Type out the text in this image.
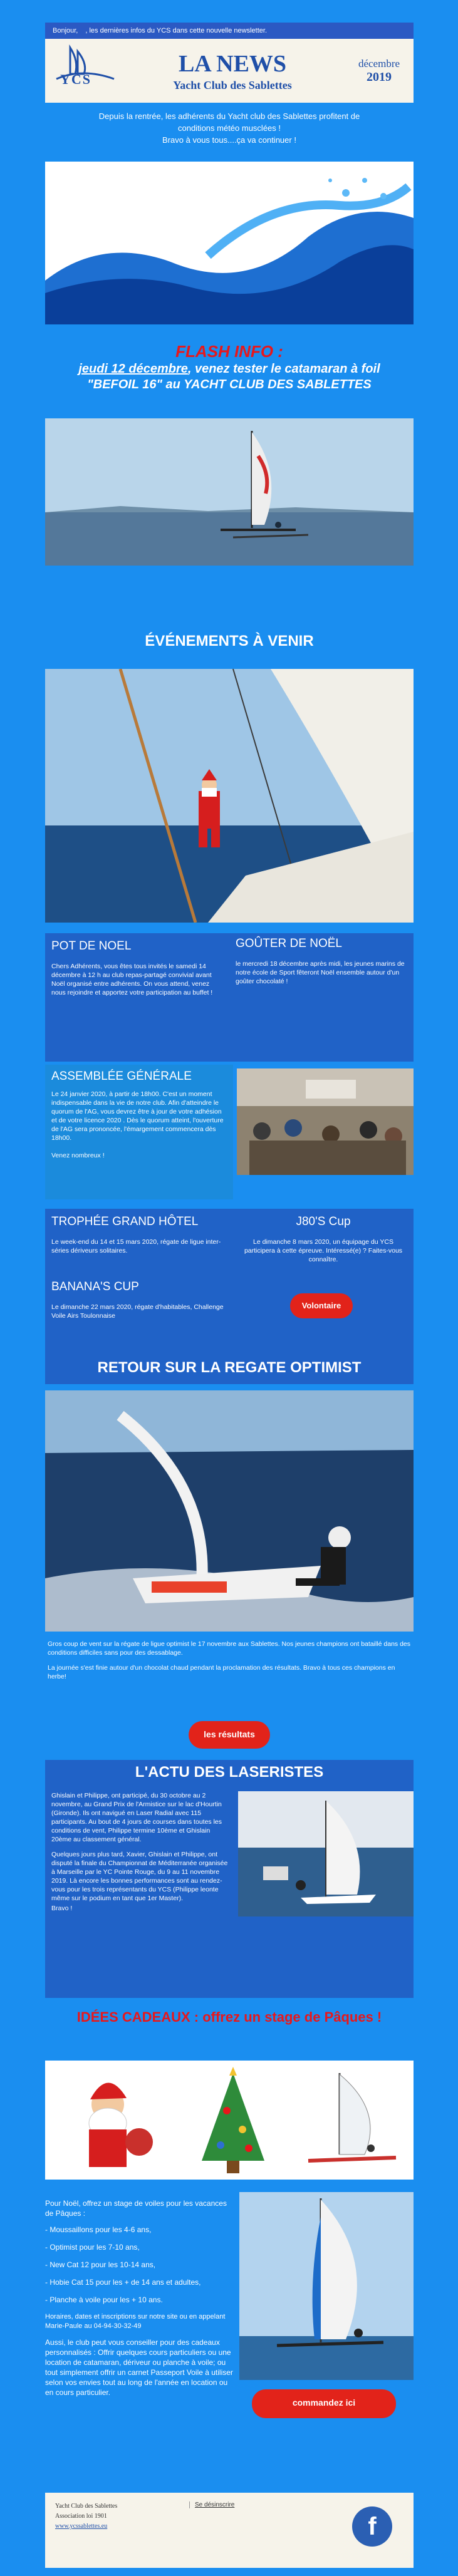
Bonjour, , les dernières infos du YCS dans cette nouvelle newsletter.
YCS
LA NEWS
Yacht Club des Sablettes
décembre
2019
Depuis la rentrée, les adhérents du Yacht club des Sablettes profitent de
conditions météo musclées !
Bravo à vous tous....ça va continuer !
FLASH INFO :
jeudi 12 décembre, venez tester le catamaran à foil
"BEFOIL 16" au YACHT CLUB DES SABLETTES
ÉVÉNEMENTS À VENIR
POT DE NOEL
Chers Adhérents, vous êtes tous invités le samedi 14 décembre à 12 h au club repas-partagé convivial avant Noël organisé entre adhérents. On vous attend, venez nous rejoindre et apportez votre participation au buffet !
GOÛTER DE NOËL
le mercredi 18 décembre après midi, les jeunes marins de notre école de Sport fêteront Noël ensemble autour d'un goûter chocolaté !
ASSEMBLÉE GÉNÉRALE
Le 24 janvier 2020, à partir de 18h00. C'est un moment indispensable dans la vie de notre club. Afin d'atteindre le quorum de l'AG, vous devrez être à jour de votre adhésion et de votre licence 2020 . Dès le quorum atteint, l'ouverture de l'AG sera prononcée, l'émargement commencera dès 18h00.
Venez nombreux !
TROPHÉE GRAND HÔTEL
Le week-end du 14 et 15 mars 2020, régate de ligue inter-séries dériveurs solitaires.
BANANA'S CUP
Le dimanche 22 mars 2020, régate d'habitables, Challenge Voile Airs Toulonnaise
J80'S Cup
Le dimanche 8 mars 2020, un équipage du YCS participera à cette épreuve. Intéressé(e) ? Faites-vous connaître.
Volontaire
RETOUR SUR LA REGATE OPTIMIST
Gros coup de vent sur la régate de ligue optimist le 17 novembre aux Sablettes. Nos jeunes champions ont bataillé dans des conditions difficiles sans pour des dessablage.
La journée s'est finie autour d'un chocolat chaud pendant la proclamation des résultats. Bravo à tous ces champions en herbe!
les résultats
L'ACTU DES LASERISTES
Ghislain et Philippe, ont participé, du 30 octobre au 2 novembre, au Grand Prix de l'Armistice sur le lac d'Hourtin (Gironde). Ils ont navigué en Laser Radial avec 115 participants. Au bout de 4 jours de courses dans toutes les conditions de vent, Philippe termine 10ème et Ghislain 20ème au classement général.
Quelques jours plus tard, Xavier, Ghislain et Philippe, ont disputé la finale du Championnat de Méditerranée organisée à Marseille par le YC Pointe Rouge, du 9 au 11 novembre 2019. Là encore les bonnes performances sont au rendez-vous pour les trois représentants du YCS (Philippe leonte même sur le podium en tant que 1er Master).
Bravo !
IDÉES CADEAUX : offrez un stage de Pâques !
Pour Noël, offrez un stage de voiles pour les vacances de Pâques :
- Moussaillons pour les 4-6 ans,
- Optimist pour les 7-10 ans,
- New Cat 12 pour les 10-14 ans,
- Hobie Cat 15 pour les + de 14 ans et adultes,
- Planche à voile pour les + 10 ans.
Horaires, dates et inscriptions sur notre site ou en appelant Marie-Paule au 04-94-30-32-49
Aussi, le club peut vous conseiller pour des cadeaux personnalisés : Offrir quelques cours particuliers ou une location de catamaran, dériveur ou planche à voile; ou tout simplement offrir un carnet Passeport Voile à utiliser selon vos envies tout au long de l'année en location ou en cours particulier.
commandez ici
Yacht Club des Sablettes
Association loi 1901
www.ycssablettes.eu
Se désinscrire
f
